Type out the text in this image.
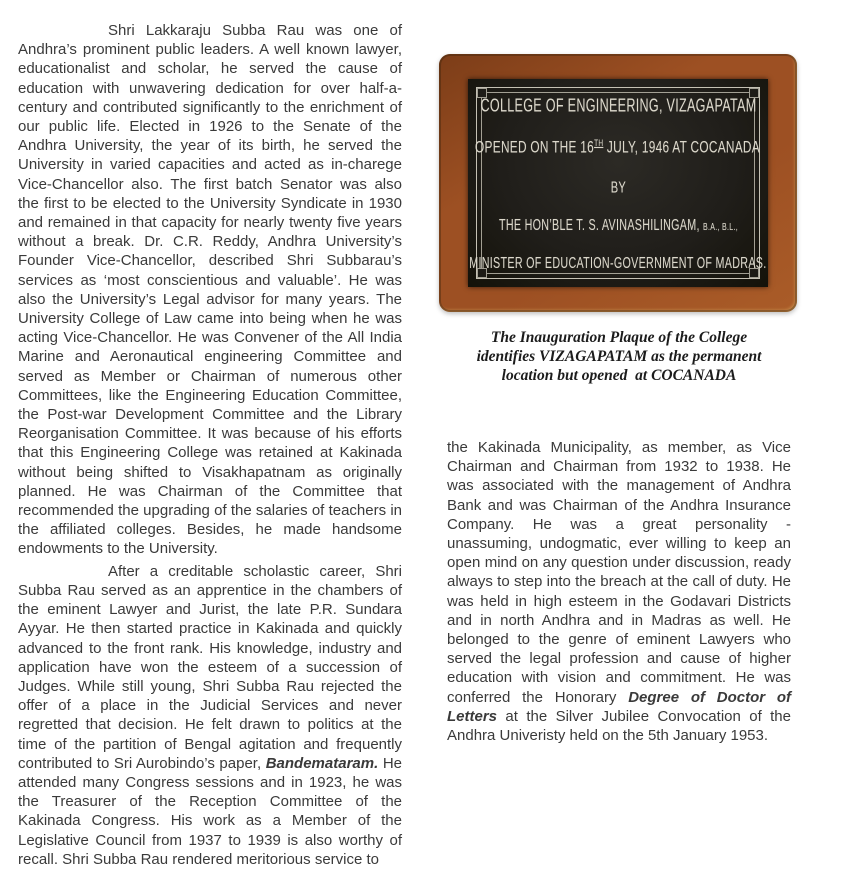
Shri Lakkaraju Subba Rau was one of Andhra’s prominent public leaders. A well known lawyer, educationalist and scholar, he served the cause of education with unwavering dedication for over half-a-century and contributed significantly to the enrichment of our public life. Elected in 1926 to the Senate of the Andhra University, the year of its birth, he served the University in varied capacities and acted as in-charege Vice-Chancellor also. The first batch Senator was also the first to be elected to the University Syndicate in 1930 and remained in that capacity for nearly twenty five years without a break. Dr. C.R. Reddy, Andhra University’s Founder Vice-Chancellor, described Shri Subbarau’s services as ‘most conscientious and valuable’. He was also the University’s Legal advisor for many years. The University College of Law came into being when he was acting Vice-Chancellor. He was Convener of the All India Marine and Aeronautical engineering Committee and served as Member or Chairman of numerous other Committees, like the Engineering Education Committee, the Post-war Development Committee and the Library Reorganisation Committee. It was because of his efforts that this Engineering College was retained at Kakinada without being shifted to Visakhapatnam as originally planned. He was Chairman of the Committee that recommended the upgrading of the salaries of teachers in the affiliated colleges. Besides, he made handsome endowments to the University.

After a creditable scholastic career, Shri Subba Rau served as an apprentice in the chambers of the eminent Lawyer and Jurist, the late P.R. Sundara Ayyar. He then started practice in Kakinada and quickly advanced to the front rank. His knowledge, industry and application have won the esteem of a succession of Judges. While still young, Shri Subba Rau rejected the offer of a place in the Judicial Services and never regretted that decision. He felt drawn to politics at the time of the partition of Bengal agitation and frequently contributed to Sri Aurobindo’s paper, Bandemataram. He attended many Congress sessions and in 1923, he was the Treasurer of the Reception Committee of the Kakinada Congress. His work as a Member of the Legislative Council from 1937 to 1939 is also worthy of recall. Shri Subba Rau rendered meritorious service to

COLLEGE OF ENGINEERING, VIZAGAPATAM
OPENED ON THE 16TH JULY, 1946 AT COCANADA
BY
THE HON’BLE T. S. AVINASHILINGAM, B.A., B.L.,
MINISTER OF EDUCATION-GOVERNMENT OF MADRAS.
The Inauguration Plaque of the College
identifies VIZAGAPATAM as the permanent
location but opened  at COCANADA

the Kakinada Municipality, as member, as Vice Chairman and Chairman from 1932 to 1938. He was associated with the management of Andhra Bank and was Chairman of the Andhra Insurance Company. He was a great personality - unassuming, undogmatic, ever willing to keep an open mind on any question under discussion, ready always to step into the breach at the call of duty. He was held in high esteem in the Godavari Districts and in north Andhra and in Madras as well. He belonged to the genre of eminent Lawyers who served the legal profession and cause of higher education with vision and commitment. He was conferred the Honorary Degree of Doctor of Letters at the Silver Jubilee Convocation of the Andhra Univeristy held on the 5th January 1953.
